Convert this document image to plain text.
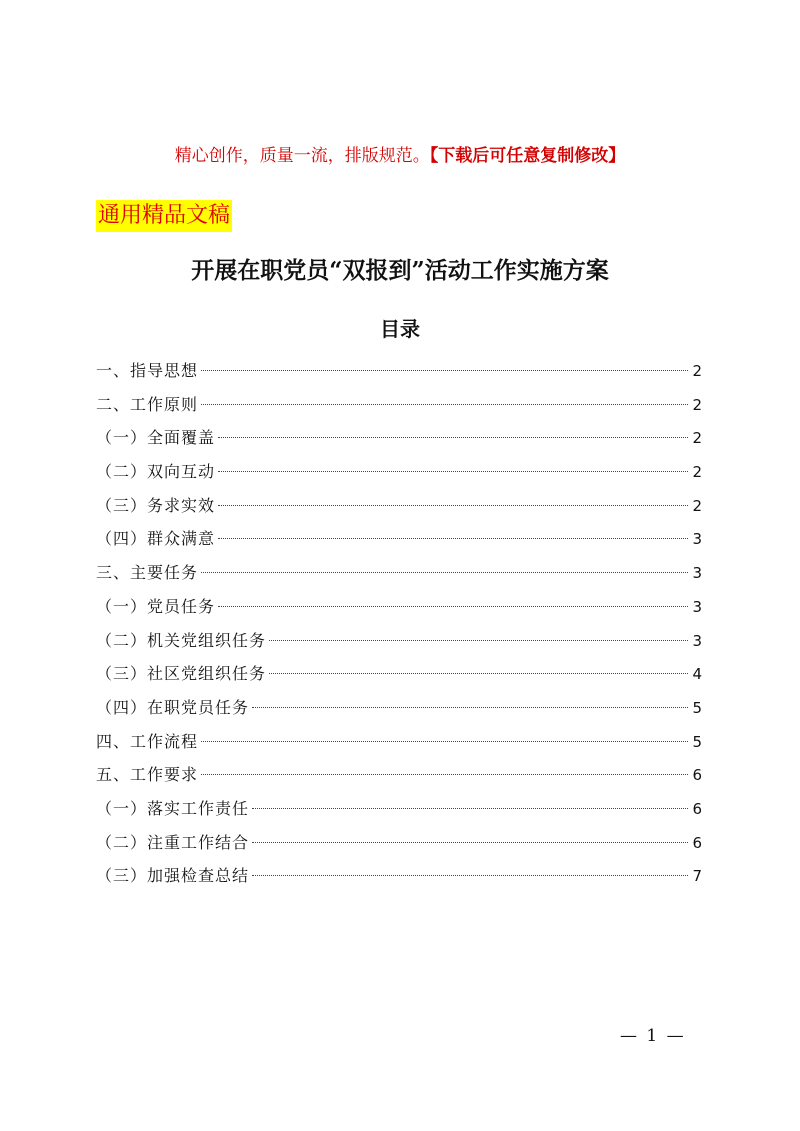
精心创作，质量一流，排版规范。【下载后可任意复制修改】
通用精品文稿
开展在职党员“双报到”活动工作实施方案
目录
一、指导思想	2
二、工作原则	2
（一）全面覆盖	2
（二）双向互动	2
（三）务求实效	2
（四）群众满意	3
三、主要任务	3
（一）党员任务	3
（二）机关党组织任务	3
（三）社区党组织任务	4
（四）在职党员任务	5
四、工作流程	5
五、工作要求	6
（一）落实工作责任	6
（二）注重工作结合	6
（三）加强检查总结	7
— 1 —
